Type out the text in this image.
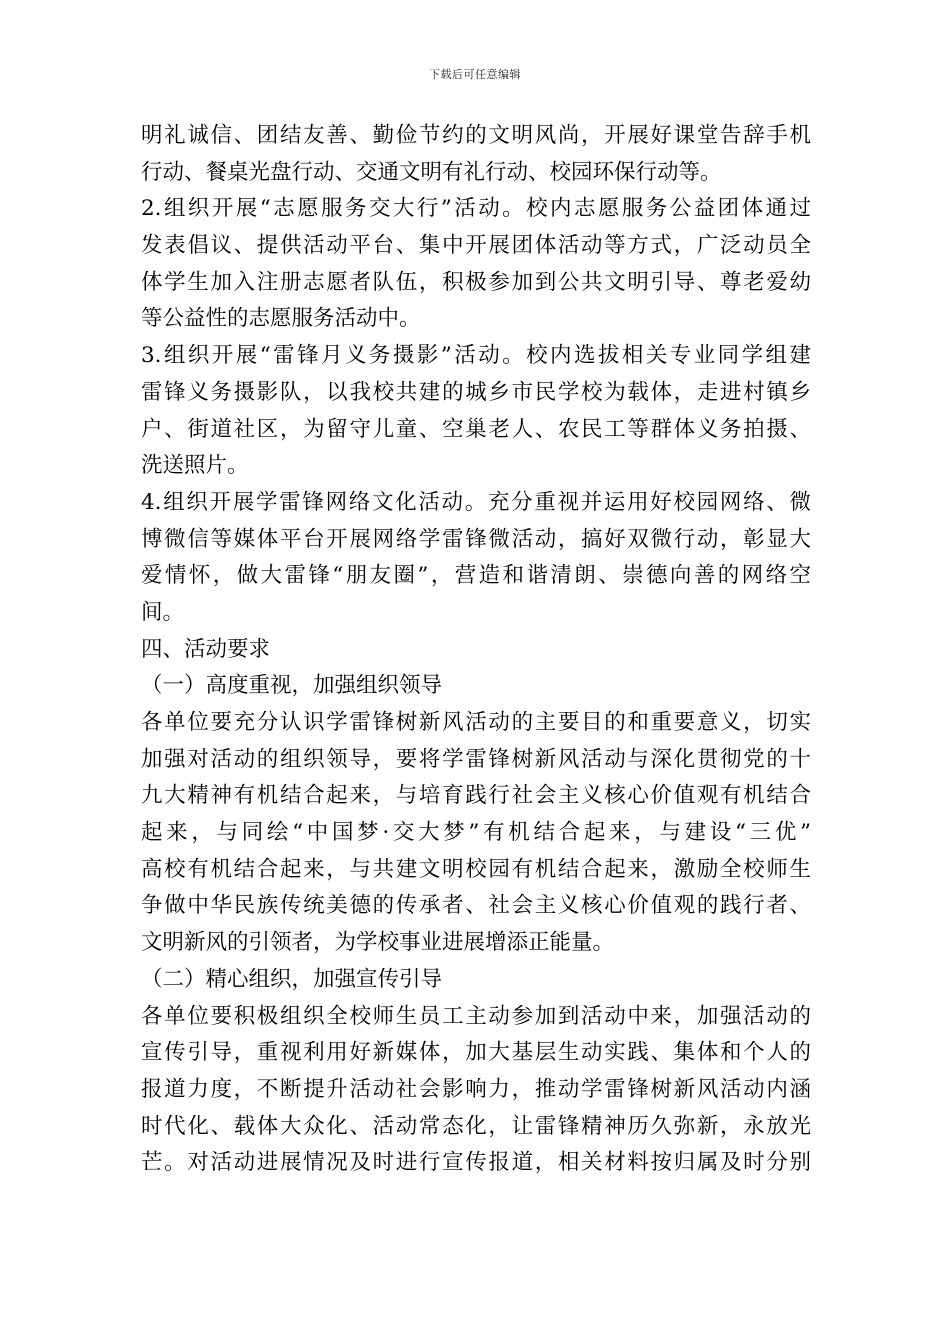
下载后可任意编辑
明礼诚信、团结友善、勤俭节约的文明风尚，开展好课堂告辞手机
行动、餐桌光盘行动、交通文明有礼行动、校园环保行动等。
2.组织开展“志愿服务交大行”活动。校内志愿服务公益团体通过
发表倡议、提供活动平台、集中开展团体活动等方式，广泛动员全
体学生加入注册志愿者队伍，积极参加到公共文明引导、尊老爱幼
等公益性的志愿服务活动中。
3.组织开展“雷锋月义务摄影”活动。校内选拔相关专业同学组建
雷锋义务摄影队，以我校共建的城乡市民学校为载体，走进村镇乡
户、街道社区，为留守儿童、空巢老人、农民工等群体义务拍摄、
洗送照片。
4.组织开展学雷锋网络文化活动。充分重视并运用好校园网络、微
博微信等媒体平台开展网络学雷锋微活动，搞好双微行动，彰显大
爱情怀，做大雷锋“朋友圈”，营造和谐清朗、崇德向善的网络空
间。
四、活动要求
（一）高度重视，加强组织领导
各单位要充分认识学雷锋树新风活动的主要目的和重要意义，切实
加强对活动的组织领导，要将学雷锋树新风活动与深化贯彻党的十
九大精神有机结合起来，与培育践行社会主义核心价值观有机结合
起来，与同绘“中国梦·交大梦”有机结合起来，与建设“三优”
高校有机结合起来，与共建文明校园有机结合起来，激励全校师生
争做中华民族传统美德的传承者、社会主义核心价值观的践行者、
文明新风的引领者，为学校事业进展增添正能量。
（二）精心组织，加强宣传引导
各单位要积极组织全校师生员工主动参加到活动中来，加强活动的
宣传引导，重视利用好新媒体，加大基层生动实践、集体和个人的
报道力度，不断提升活动社会影响力，推动学雷锋树新风活动内涵
时代化、载体大众化、活动常态化，让雷锋精神历久弥新，永放光
芒。对活动进展情况及时进行宣传报道，相关材料按归属及时分别
